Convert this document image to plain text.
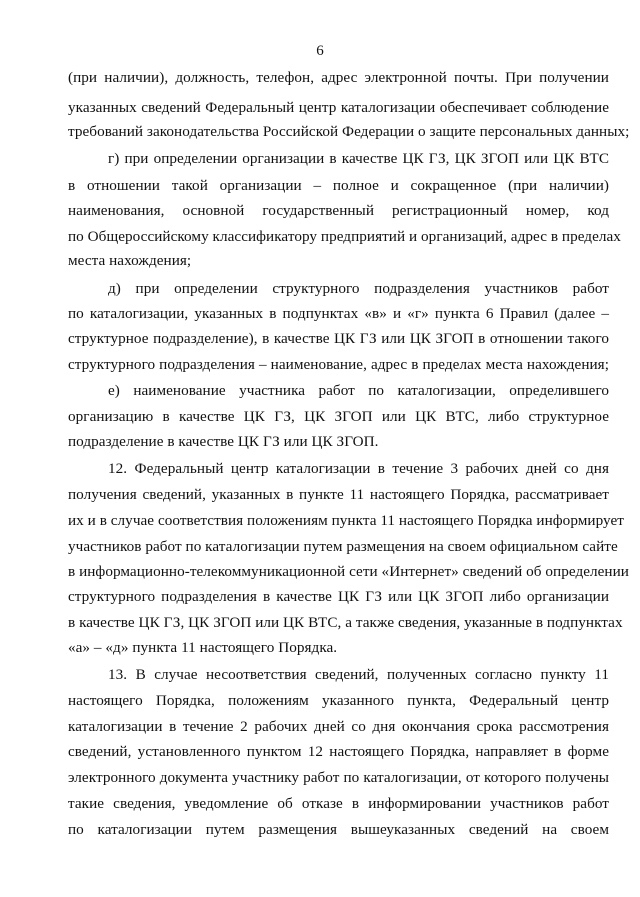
6
(при наличии), должность, телефон, адрес электронной почты. При получении
указанных сведений Федеральный центр каталогизации обеспечивает соблюдение
требований законодательства Российской Федерации о защите персональных данных;
г) при определении организации в качестве ЦК ГЗ, ЦК ЗГОП или ЦК ВТС
в отношении такой организации – полное и сокращенное (при наличии)
наименования, основной государственный регистрационный номер, код
по Общероссийскому классификатору предприятий и организаций, адрес в пределах
места нахождения;
д) при определении структурного подразделения участников работ
по каталогизации, указанных в подпунктах «в» и «г» пункта 6 Правил (далее –
структурное подразделение), в качестве ЦК ГЗ или ЦК ЗГОП в отношении такого
структурного подразделения – наименование, адрес в пределах места нахождения;
е) наименование участника работ по каталогизации, определившего
организацию в качестве ЦК ГЗ, ЦК ЗГОП или ЦК ВТС, либо структурное
подразделение в качестве ЦК ГЗ или ЦК ЗГОП.
12. Федеральный центр каталогизации в течение 3 рабочих дней со дня
получения сведений, указанных в пункте 11 настоящего Порядка, рассматривает
их и в случае соответствия положениям пункта 11 настоящего Порядка информирует
участников работ по каталогизации путем размещения на своем официальном сайте
в информационно-телекоммуникационной сети «Интернет» сведений об определении
структурного подразделения в качестве ЦК ГЗ или ЦК ЗГОП либо организации
в качестве ЦК ГЗ, ЦК ЗГОП или ЦК ВТС, а также сведения, указанные в подпунктах
«а» – «д» пункта 11 настоящего Порядка.
13. В случае несоответствия сведений, полученных согласно пункту 11
настоящего Порядка, положениям указанного пункта, Федеральный центр
каталогизации в течение 2 рабочих дней со дня окончания срока рассмотрения
сведений, установленного пунктом 12 настоящего Порядка, направляет в форме
электронного документа участнику работ по каталогизации, от которого получены
такие сведения, уведомление об отказе в информировании участников работ
по каталогизации путем размещения вышеуказанных сведений на своем
